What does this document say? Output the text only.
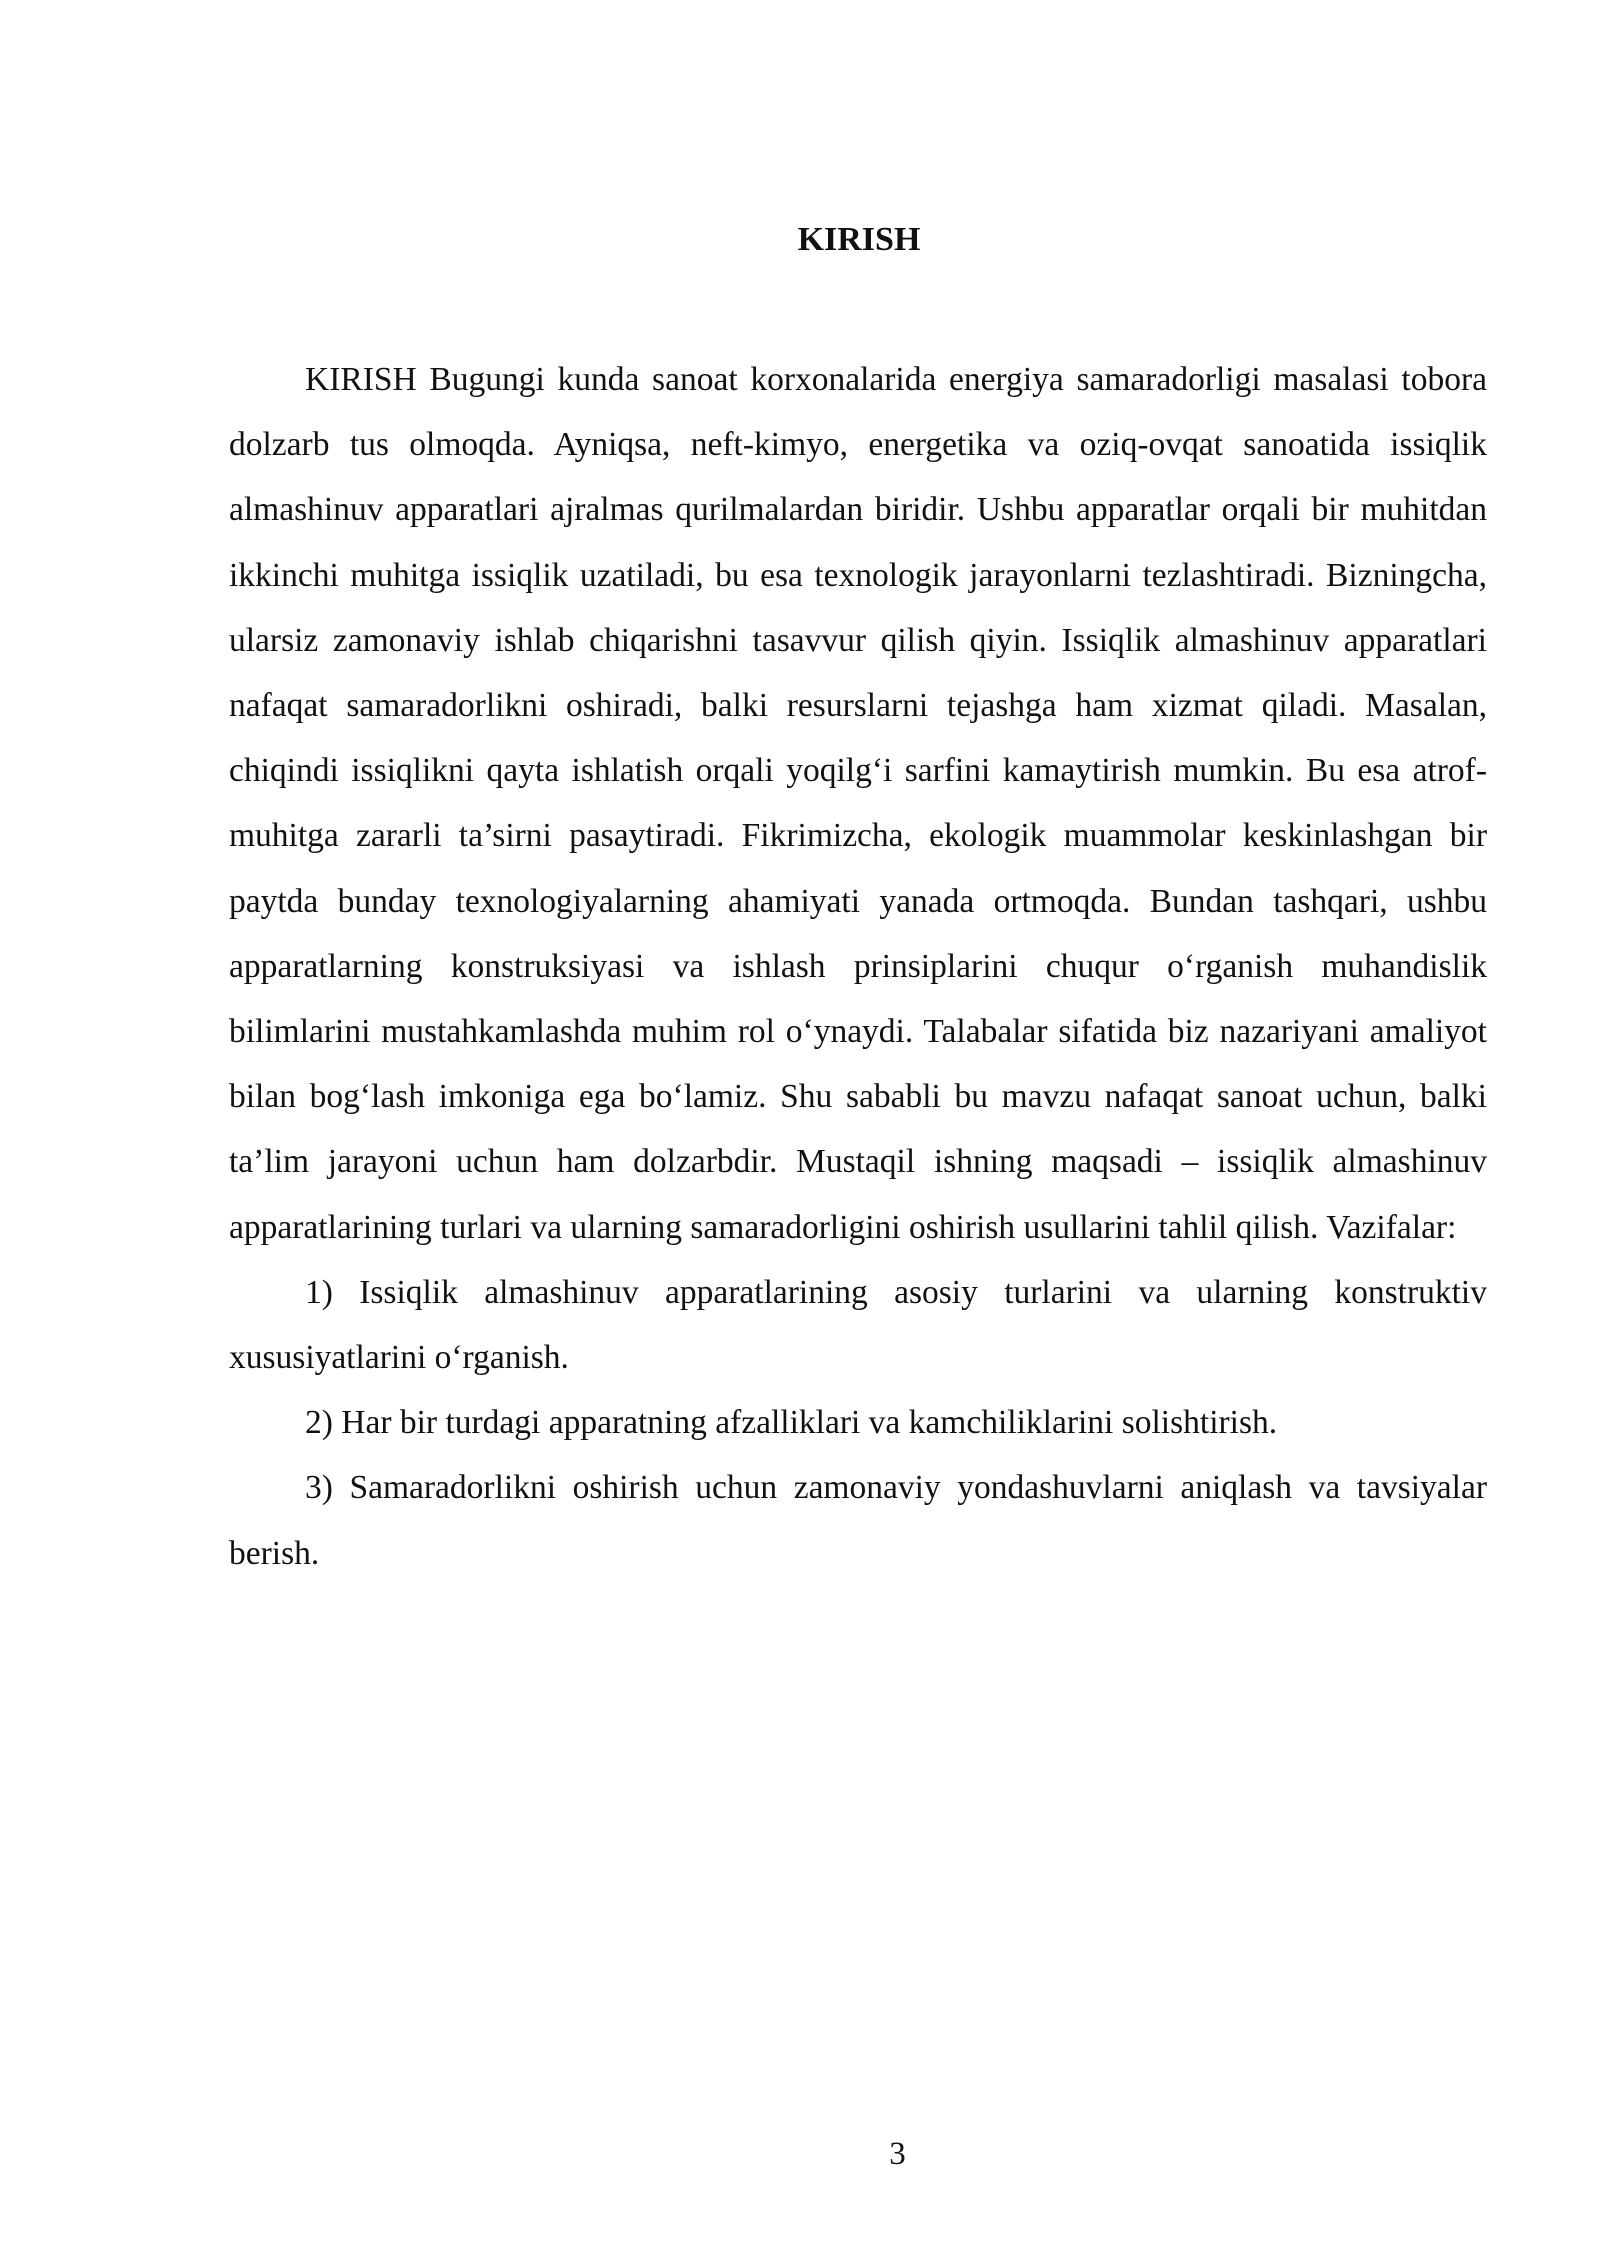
KIRISH

KIRISH Bugungi kunda sanoat korxonalarida energiya samaradorligi masalasi tobora dolzarb tus olmoqda. Ayniqsa, neft-kimyo, energetika va oziq-ovqat sanoatida issiqlik almashinuv apparatlari ajralmas qurilmalardan biridir. Ushbu apparatlar orqali bir muhitdan ikkinchi muhitga issiqlik uzatiladi, bu esa texnologik jarayonlarni tezlashtiradi. Bizningcha, ularsiz zamonaviy ishlab chiqarishni tasavvur qilish qiyin. Issiqlik almashinuv apparatlari nafaqat samaradorlikni oshiradi, balki resurslarni tejashga ham xizmat qiladi. Masalan, chiqindi issiqlikni qayta ishlatish orqali yoqilg‘i sarfini kamaytirish mumkin. Bu esa atrof-muhitga zararli ta’sirni pasaytiradi. Fikrimizcha, ekologik muammolar keskinlashgan bir paytda bunday texnologiyalarning ahamiyati yanada ortmoqda. Bundan tashqari, ushbu apparatlarning konstruksiyasi va ishlash prinsiplarini chuqur o‘rganish muhandislik bilimlarini mustahkamlashda muhim rol o‘ynaydi. Talabalar sifatida biz nazariyani amaliyot bilan bog‘lash imkoniga ega bo‘lamiz. Shu sababli bu mavzu nafaqat sanoat uchun, balki ta’lim jarayoni uchun ham dolzarbdir. Mustaqil ishning maqsadi – issiqlik almashinuv apparatlarining turlari va ularning samaradorligini oshirish usullarini tahlil qilish. Vazifalar:

1) Issiqlik almashinuv apparatlarining asosiy turlarini va ularning konstruktiv xususiyatlarini o‘rganish.

2) Har bir turdagi apparatning afzalliklari va kamchiliklarini solishtirish.

3) Samaradorlikni oshirish uchun zamonaviy yondashuvlarni aniqlash va tavsiyalar berish.

3
